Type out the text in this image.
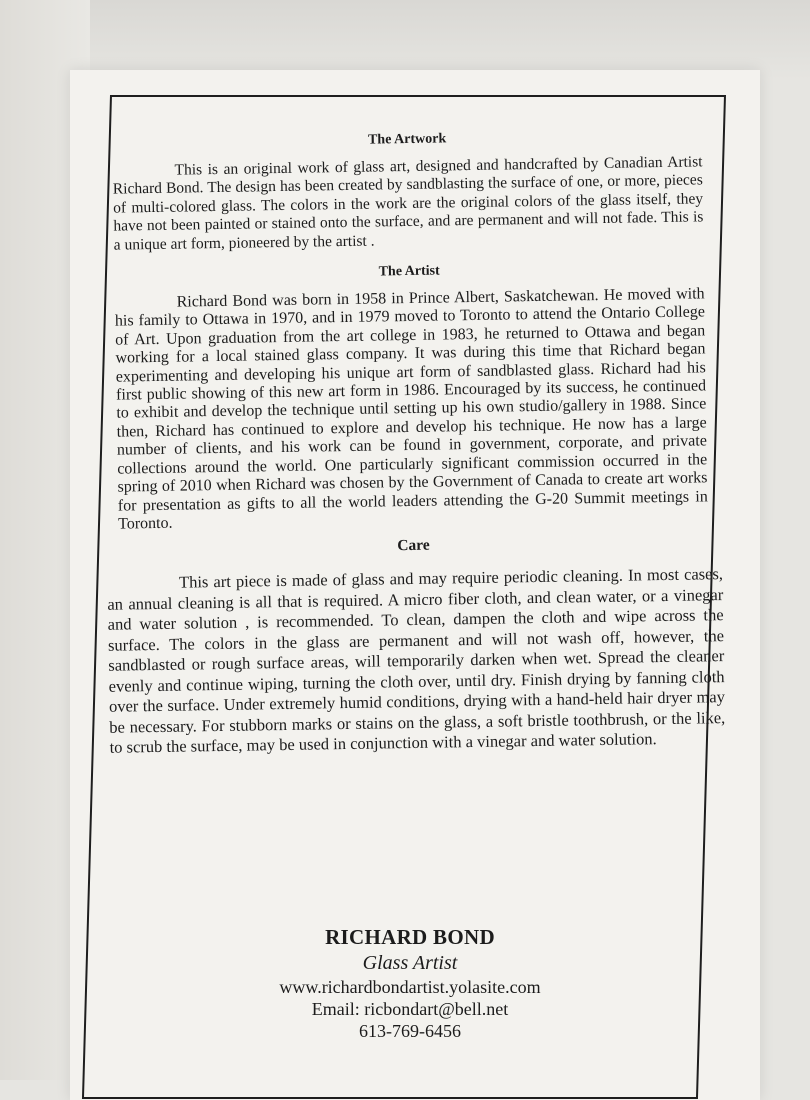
The Artwork

This is an original work of glass art, designed and handcrafted by Canadian Artist Richard Bond. The design has been created by sandblasting the surface of one, or more, pieces of multi-colored glass. The colors in the work are the original colors of the glass itself, they have not been painted or stained onto the surface, and are permanent and will not fade. This is a unique art form, pioneered by the artist .

The Artist

Richard Bond was born in 1958 in Prince Albert, Saskatchewan. He moved with his family to Ottawa in 1970, and in 1979 moved to Toronto to attend the Ontario College of Art. Upon graduation from the art college in 1983, he returned to Ottawa and began working for a local stained glass company. It was during this time that Richard began experimenting and developing his unique art form of sandblasted glass. Richard had his first public showing of this new art form in 1986. Encouraged by its success, he continued to exhibit and develop the technique until setting up his own studio/gallery in 1988. Since then, Richard has continued to explore and develop his technique. He now has a large number of clients, and his work can be found in government, corporate, and private collections around the world. One particularly significant commission occurred in the spring of 2010 when Richard was chosen by the Government of Canada to create art works for presentation as gifts to all the world leaders attending the G-20 Summit meetings in Toronto.

Care

This art piece is made of glass and may require periodic cleaning. In most cases, an annual cleaning is all that is required. A micro fiber cloth, and clean water, or a vinegar and water solution , is recommended. To clean, dampen the cloth and wipe across the surface. The colors in the glass are permanent and will not wash off, however, the sandblasted or rough surface areas, will temporarily darken when wet. Spread the cleaner evenly and continue wiping, turning the cloth over, until dry. Finish drying by fanning cloth over the surface. Under extremely humid conditions, drying with a hand-held hair dryer may be necessary. For stubborn marks or stains on the glass, a soft bristle toothbrush, or the like, to scrub the surface, may be used in conjunction with a vinegar and water solution.

RICHARD BOND
Glass Artist
www.richardbondartist.yolasite.com
Email: ricbondart@bell.net
613-769-6456
